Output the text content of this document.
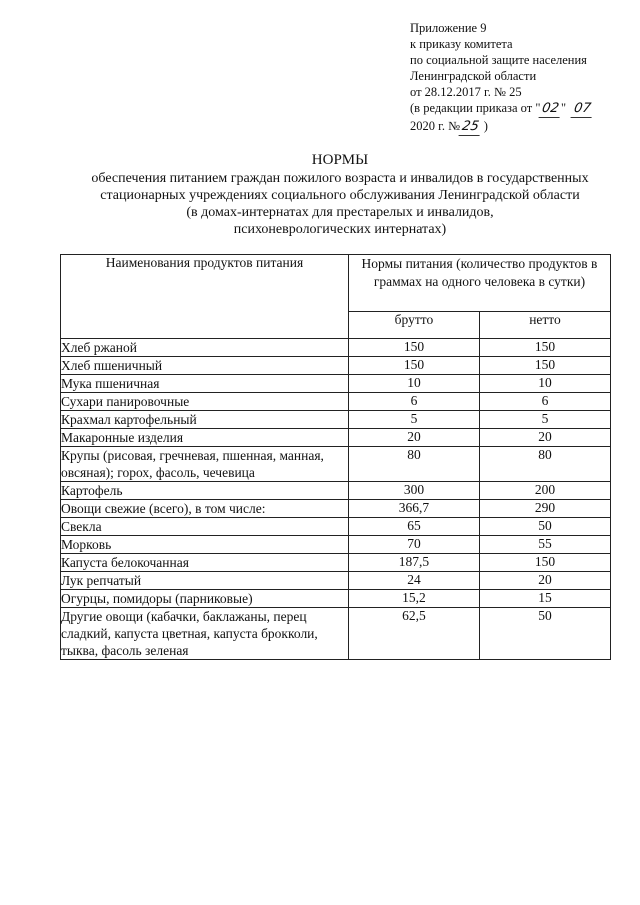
Приложение 9
к приказу комитета
по социальной защите населения
Ленинградской области
от 28.12.2017 г. № 25
(в редакции приказа от "02" 07
2020 г. №25 )
НОРМЫ
обеспечения питанием граждан пожилого возраста и инвалидов в государственных
стационарных учреждениях социального обслуживания Ленинградской области
(в домах-интернатах для престарелых и инвалидов,
психоневрологических интернатах)
Наименования продуктов питания	Нормы питания (количество продуктов в граммах на одного человека в сутки)	
	брутто	нетто
Хлеб ржаной	150	150
Хлеб пшеничный	150	150
Мука пшеничная	10	10
Сухари панировочные	6	6
Крахмал картофельный	5	5
Макаронные изделия	20	20
Крупы (рисовая, гречневая, пшенная, манная, овсяная); горох, фасоль, чечевица	80	80
Картофель	300	200
Овощи свежие (всего), в том числе:	366,7	290
Свекла	65	50
Морковь	70	55
Капуста белокочанная	187,5	150
Лук репчатый	24	20
Огурцы, помидоры (парниковые)	15,2	15
Другие овощи (кабачки, баклажаны, перец сладкий, капуста цветная, капуста брокколи, тыква, фасоль зеленая	62,5	50
